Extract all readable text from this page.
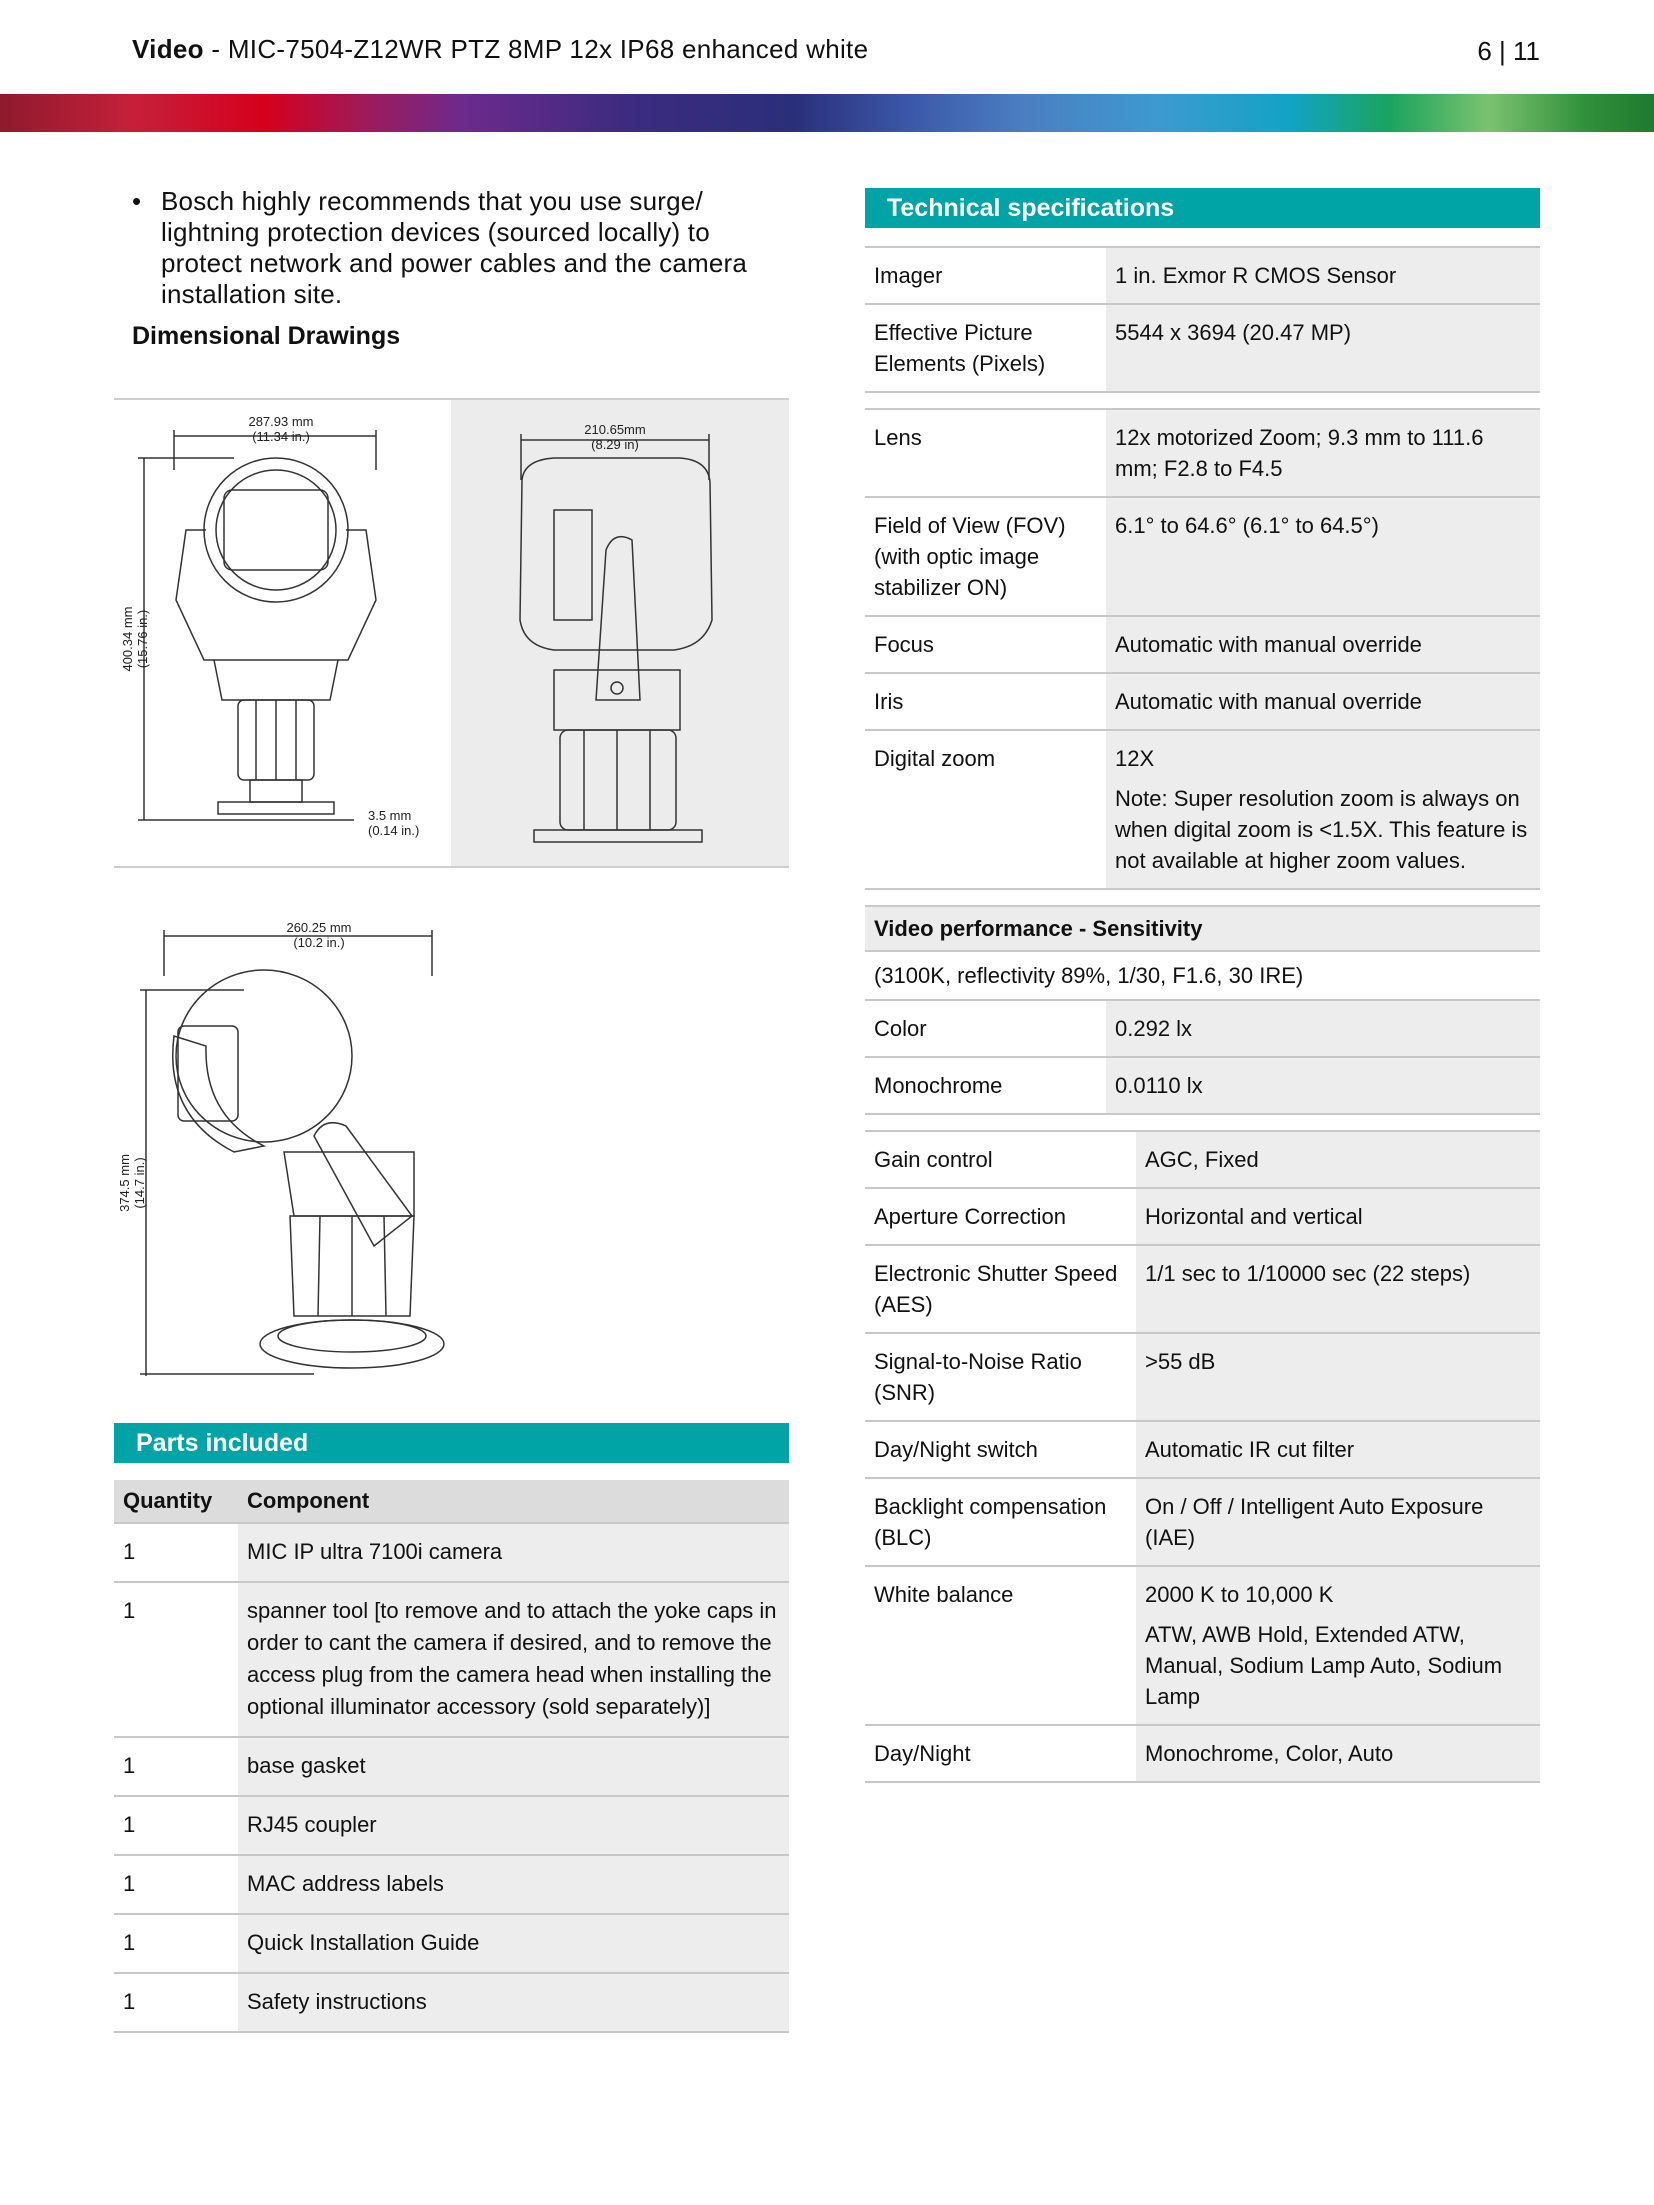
Video - MIC-7504-Z12WR PTZ 8MP 12x IP68 enhanced white	6 | 11
• Bosch highly recommends that you use surge/ lightning protection devices (sourced locally) to protect network and power cables and the camera installation site.
Dimensional Drawings
287.93 mm
(11.34 in.)
400.34 mm (15.76 in.)
3.5 mm
(0.14 in.)
210.65mm
(8.29 in)
260.25 mm
(10.2 in.)
374.5 mm (14.7 in.)
Parts included
Quantity	Component
1	MIC IP ultra 7100i camera
1	spanner tool [to remove and to attach the yoke caps in order to cant the camera if desired, and to remove the access plug from the camera head when installing the optional illuminator accessory (sold separately)]
1	base gasket
1	RJ45 coupler
1	MAC address labels
1	Quick Installation Guide
1	Safety instructions
Technical specifications
Imager	1 in. Exmor R CMOS Sensor
Effective Picture Elements (Pixels)	5544 x 3694 (20.47 MP)
Lens	12x motorized Zoom; 9.3 mm to 111.6 mm; F2.8 to F4.5
Field of View (FOV) (with optic image stabilizer ON)	6.1° to 64.6° (6.1° to 64.5°)
Focus	Automatic with manual override
Iris	Automatic with manual override
Digital zoom	12X
Note: Super resolution zoom is always on when digital zoom is <1.5X. This feature is not available at higher zoom values.
Video performance - Sensitivity	
(3100K, reflectivity 89%, 1/30, F1.6, 30 IRE)	
Color	0.292 lx
Monochrome	0.0110 lx
Gain control	AGC, Fixed
Aperture Correction	Horizontal and vertical
Electronic Shutter Speed (AES)	1/1 sec to 1/10000 sec (22 steps)
Signal-to-Noise Ratio (SNR)	>55 dB
Day/Night switch	Automatic IR cut filter
Backlight compensation (BLC)	On / Off / Intelligent Auto Exposure (IAE)
White balance	2000 K to 10,000 K
ATW, AWB Hold, Extended ATW, Manual, Sodium Lamp Auto, Sodium Lamp

Day/Night	Monochrome, Color, Auto
